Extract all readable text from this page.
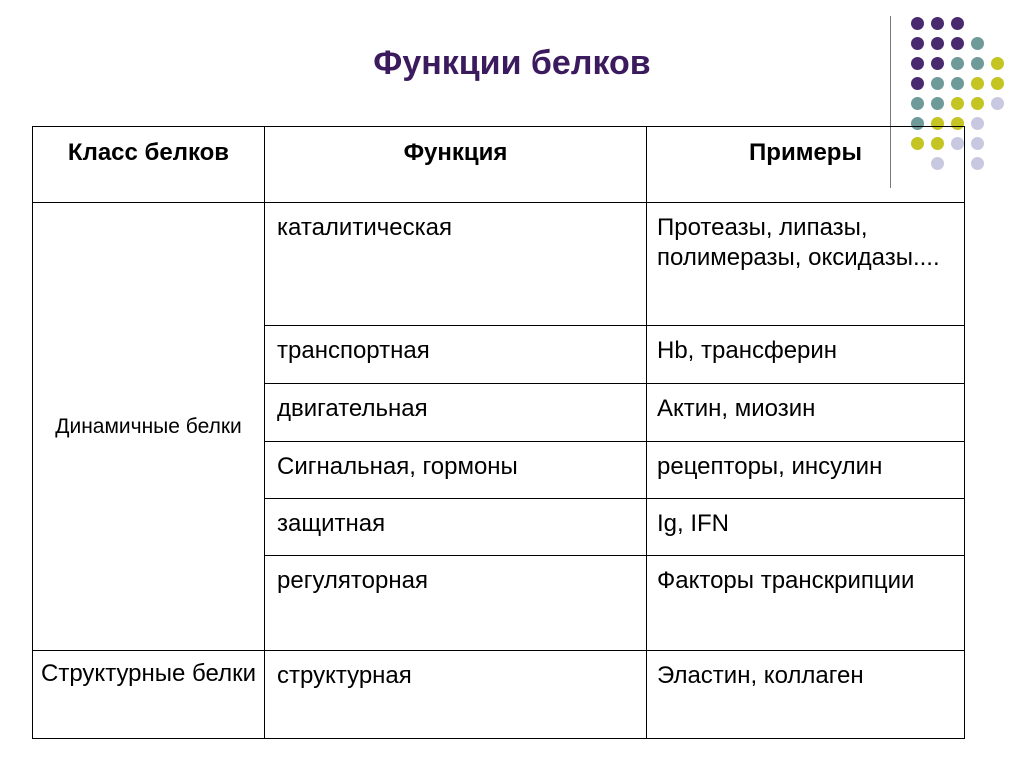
Функции белков
Класс белков	Функция	Примеры
Динамичные белки	каталитическая	Протеазы, липазы, полимеразы, оксидазы....
	транспортная	Hb, трансферин
	двигательная	Актин, миозин
	Сигнальная, гормоны	рецепторы, инсулин
	защитная	Ig, IFN
	регуляторная	Факторы транскрипции
Структурные белки	структурная	Эластин, коллаген
